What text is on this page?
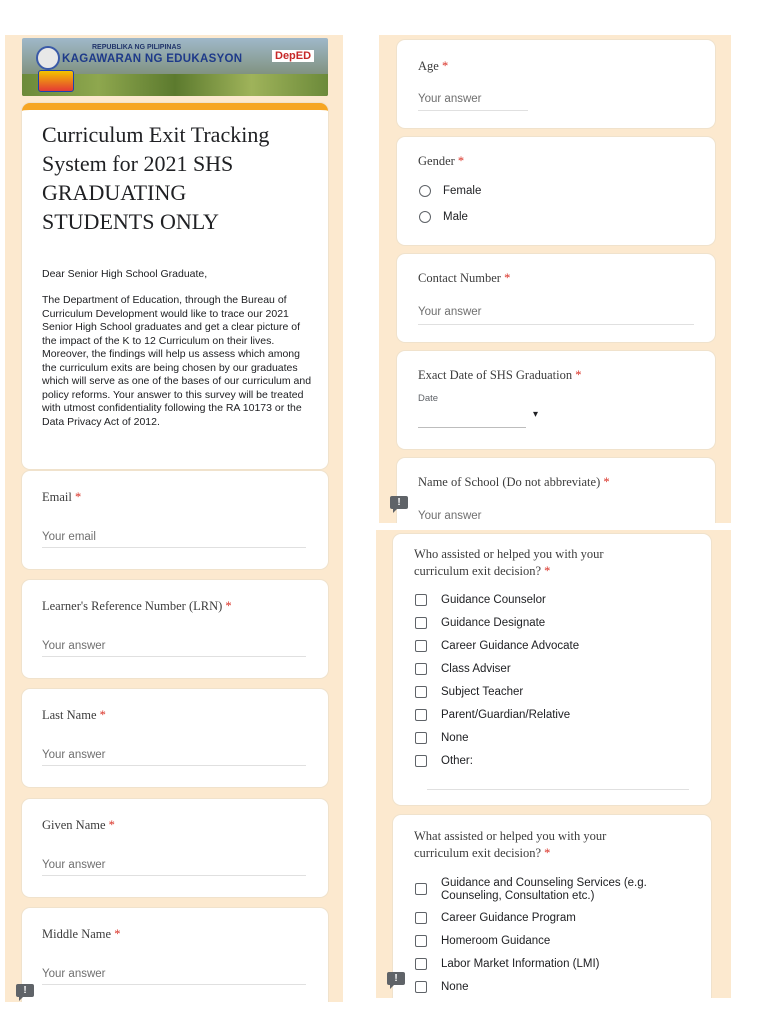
REPUBLIKA NG PILIPINAS
KAGAWARAN NG EDUKASYON	DepED
Curriculum Exit Tracking System for 2021 SHS GRADUATING STUDENTS ONLY
Dear Senior High School Graduate,
The Department of Education, through the Bureau of Curriculum Development would like to trace our 2021 Senior High School graduates and get a clear picture of the impact of the K to 12 Curriculum on their lives. Moreover, the findings will help us assess which among the curriculum exits are being chosen by our graduates which will serve as one of the bases of our curriculum and policy reforms. Your answer to this survey will be treated with utmost confidentiality following the RA 10173 or the Data Privacy Act of 2012.
Email *
Your email
Learner's Reference Number (LRN) *
Your answer
Last Name *
Your answer
Given Name *
Your answer
Middle Name *
Your answer
!
Age *
Your answer
Gender *
Female
Male
Contact Number *
Your answer
Exact Date of SHS Graduation *
Date
▾
Name of School (Do not abbreviate) *
Your answer
!
Who assisted or helped you with your curriculum exit decision? *
Guidance Counselor
Guidance Designate
Career Guidance Advocate
Class Adviser
Subject Teacher
Parent/Guardian/Relative
None
Other:
What assisted or helped you with your curriculum exit decision? *
Guidance and Counseling Services (e.g. Counseling, Consultation etc.)
Career Guidance Program
Homeroom Guidance
Labor Market Information (LMI)
None
!
